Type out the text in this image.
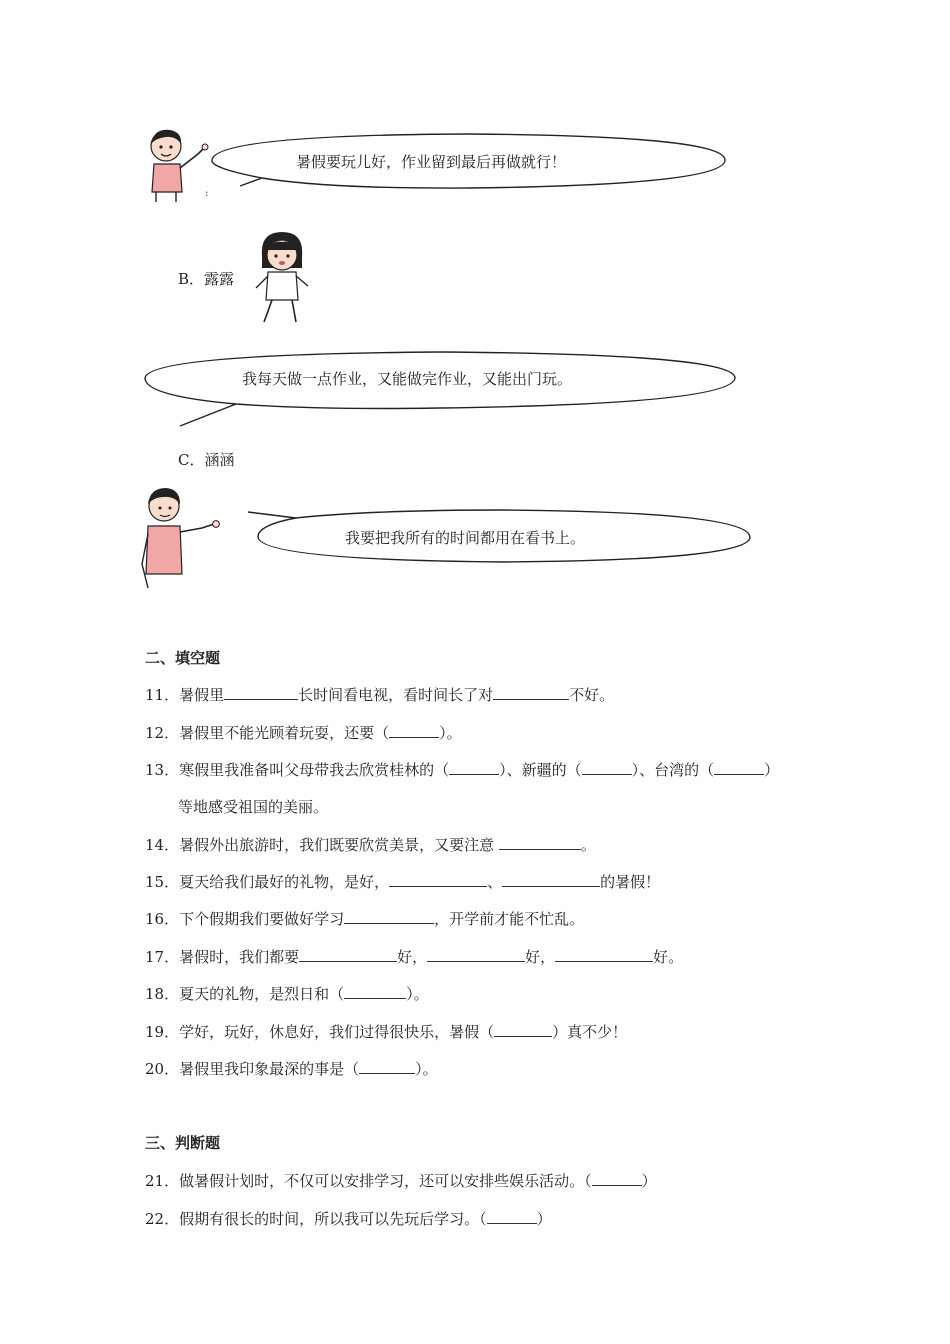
:
暑假要玩儿好，作业留到最后再做就行！
B．露露
我每天做一点作业，又能做完作业，又能出门玩。
C．涵涵
我要把我所有的时间都用在看书上。
二、填空题
11．暑假里	长时间看电视，看时间长了对	不好。
12．暑假里不能光顾着玩耍，还要（	）。
13．寒假里我准备叫父母带我去欣赏桂林的（	）、新疆的（	）、台湾的（	）
等地感受祖国的美丽。
14．暑假外出旅游时，我们既要欣赏美景，又要注意	。
15．夏天给我们最好的礼物，是好，	、	的暑假！
16．下个假期我们要做好学习	，开学前才能不忙乱。
17．暑假时，我们都要	好，	好，	好。
18．夏天的礼物，是烈日和（	）。
19．学好，玩好，休息好，我们过得很快乐，暑假（	）真不少！
20．暑假里我印象最深的事是（	）。
三、判断题
21．做暑假计划时，不仅可以安排学习，还可以安排些娱乐活动。（	）
22．假期有很长的时间，所以我可以先玩后学习。（	）
